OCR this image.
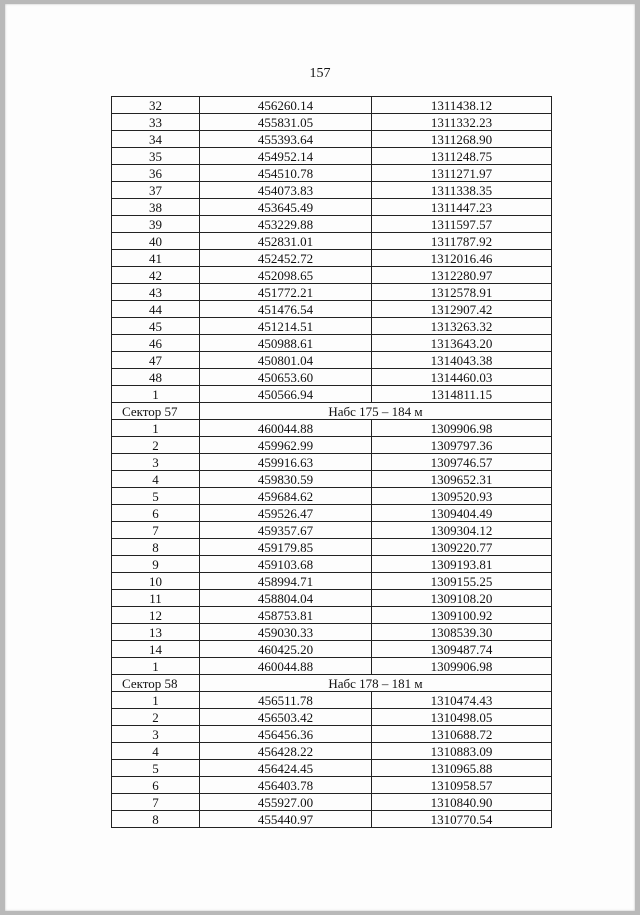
157
32	456260.14	1311438.12
33	455831.05	1311332.23
34	455393.64	1311268.90
35	454952.14	1311248.75
36	454510.78	1311271.97
37	454073.83	1311338.35
38	453645.49	1311447.23
39	453229.88	1311597.57
40	452831.01	1311787.92
41	452452.72	1312016.46
42	452098.65	1312280.97
43	451772.21	1312578.91
44	451476.54	1312907.42
45	451214.51	1313263.32
46	450988.61	1313643.20
47	450801.04	1314043.38
48	450653.60	1314460.03
1	450566.94	1314811.15
Сектор 57	Набс 175 – 184 м	
1	460044.88	1309906.98
2	459962.99	1309797.36
3	459916.63	1309746.57
4	459830.59	1309652.31
5	459684.62	1309520.93
6	459526.47	1309404.49
7	459357.67	1309304.12
8	459179.85	1309220.77
9	459103.68	1309193.81
10	458994.71	1309155.25
11	458804.04	1309108.20
12	458753.81	1309100.92
13	459030.33	1308539.30
14	460425.20	1309487.74
1	460044.88	1309906.98
Сектор 58	Набс 178 – 181 м	
1	456511.78	1310474.43
2	456503.42	1310498.05
3	456456.36	1310688.72
4	456428.22	1310883.09
5	456424.45	1310965.88
6	456403.78	1310958.57
7	455927.00	1310840.90
8	455440.97	1310770.54
